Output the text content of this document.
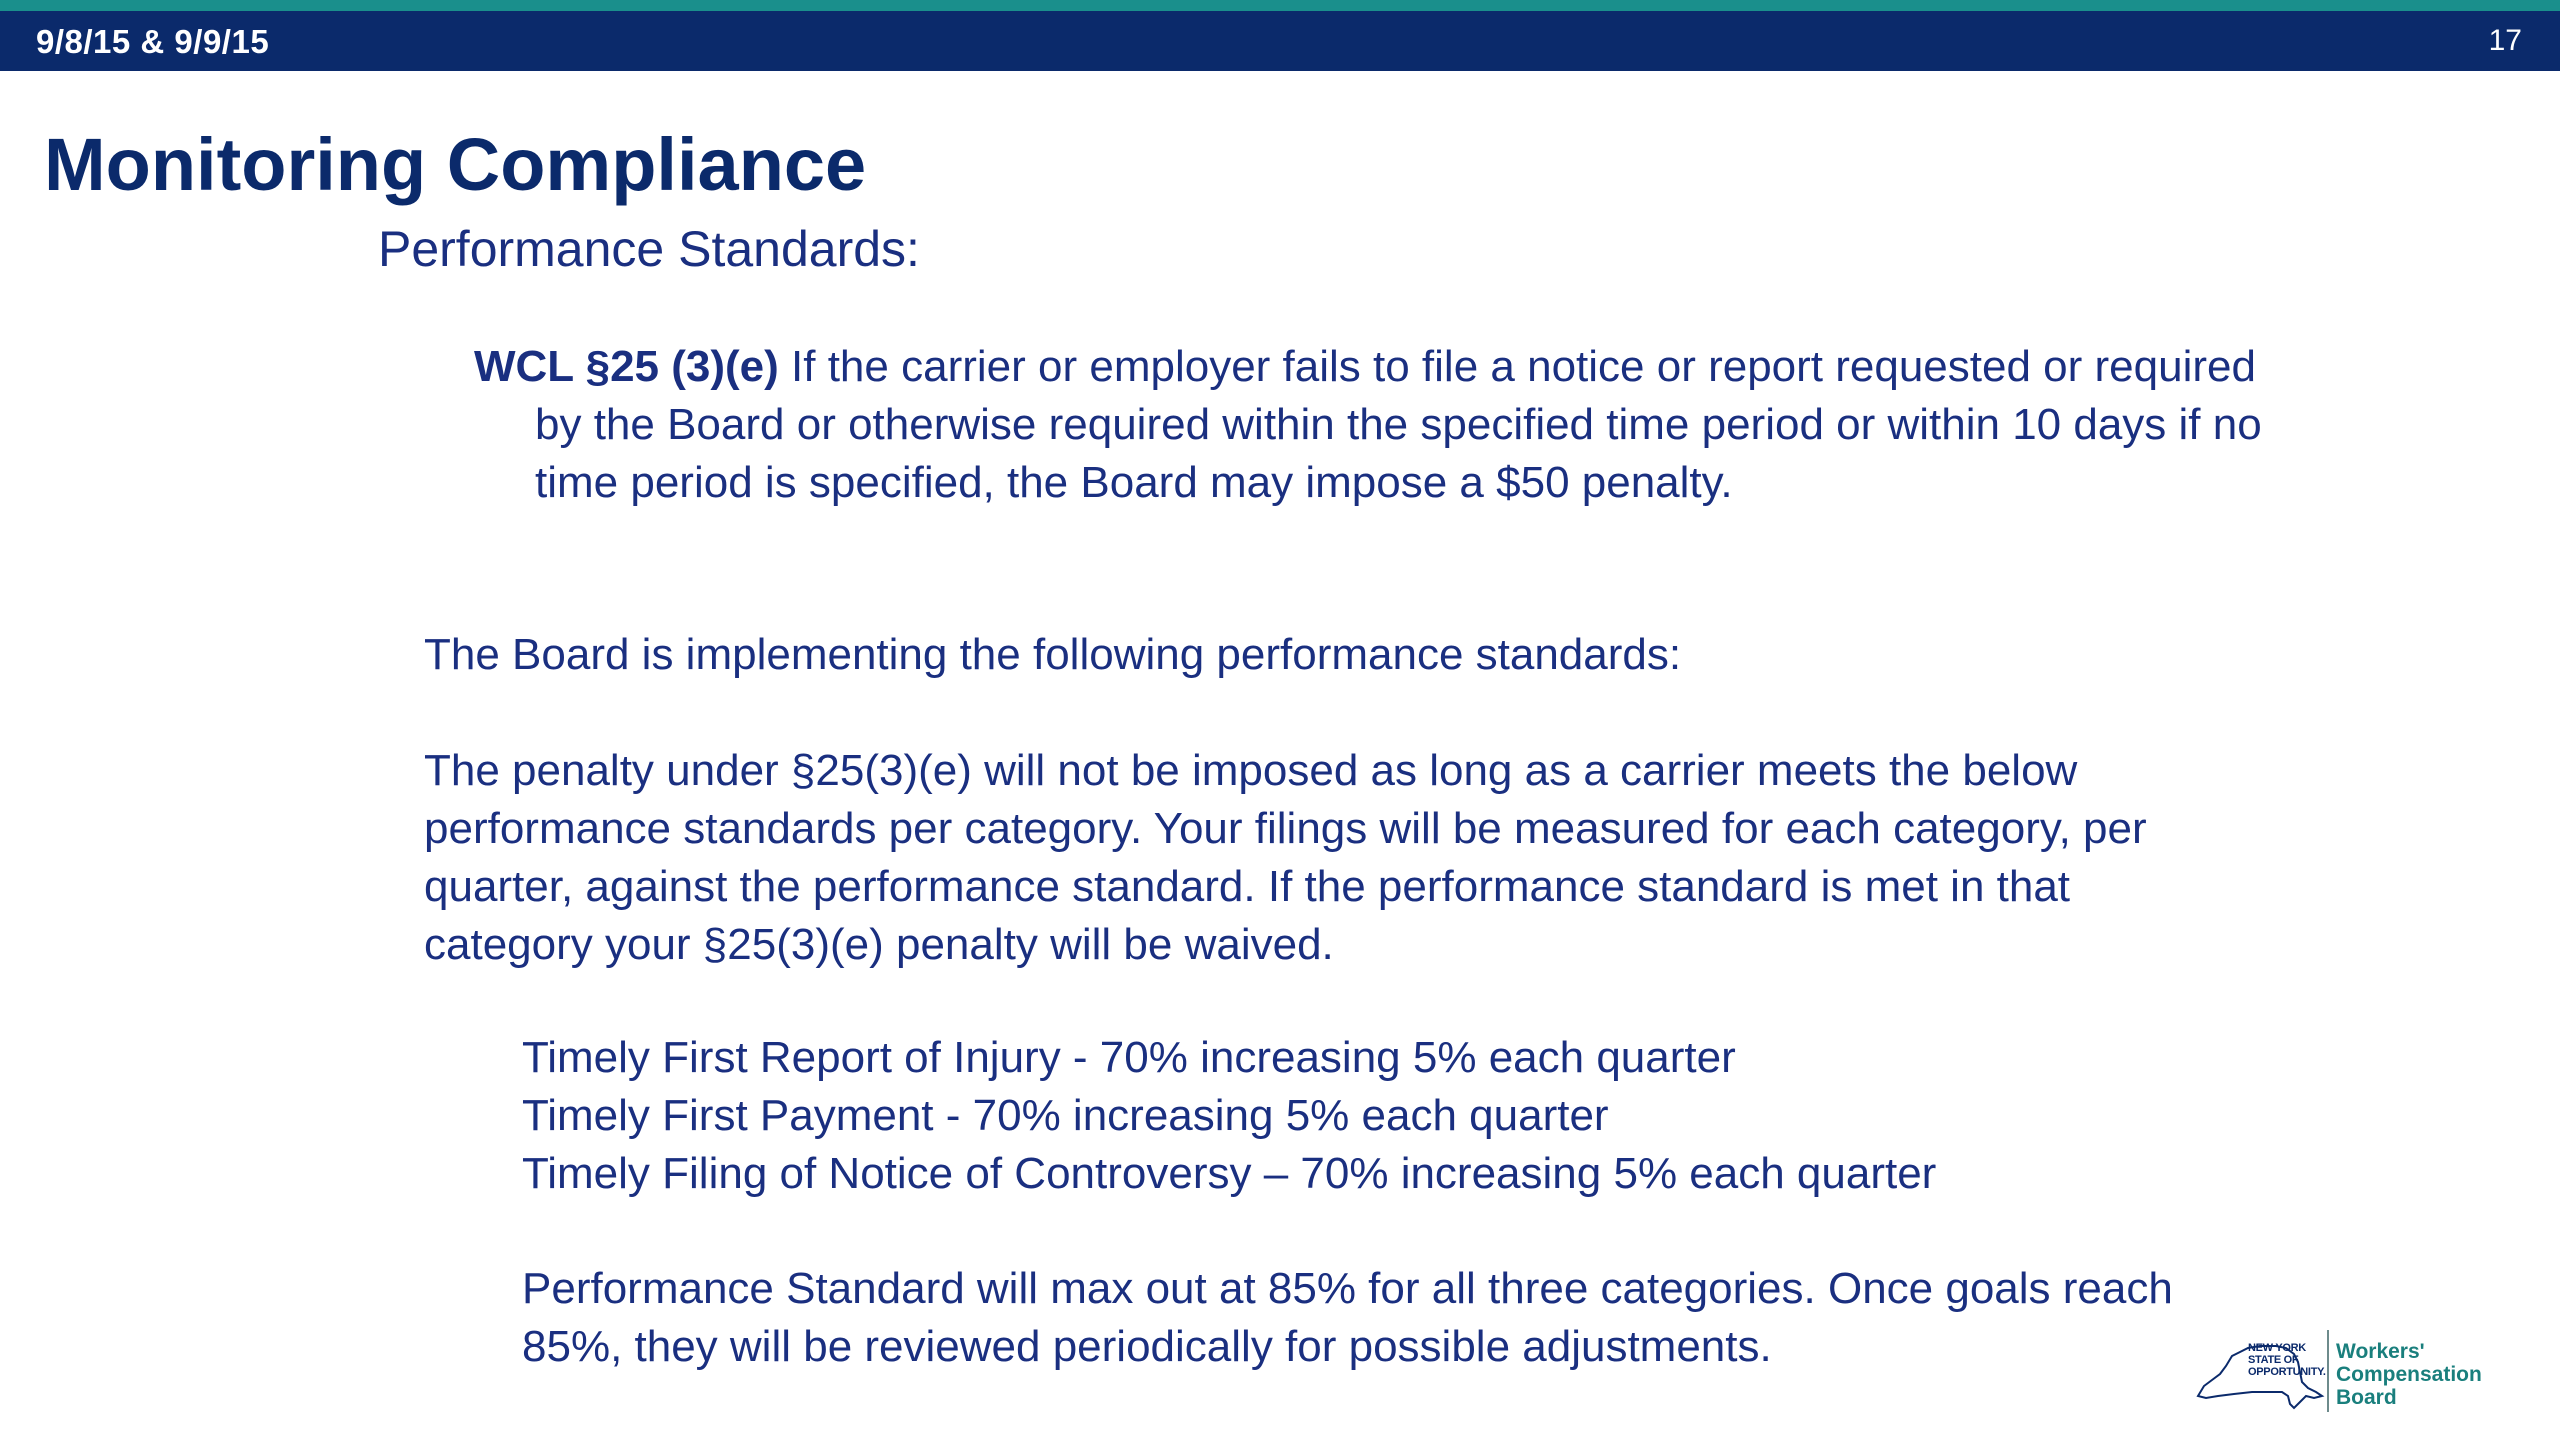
9/8/15 & 9/9/15	17
Monitoring Compliance
Performance Standards:
WCL §25 (3)(e) If the carrier or employer fails to file a notice or report requested or required by the Board or otherwise required within the specified time period or within 10 days if no time period is specified, the Board may impose a $50 penalty.
The Board is implementing the following performance standards:
The penalty under §25(3)(e) will not be imposed as long as a carrier meets the below performance standards per category. Your filings will be measured for each category, per quarter, against the performance standard. If the performance standard is met in that category your §25(3)(e) penalty will be waived.
Timely First Report of Injury - 70% increasing 5% each quarter
Timely First Payment - 70% increasing 5% each quarter
Timely Filing of Notice of Controversy – 70% increasing 5% each quarter
Performance Standard will max out at 85% for all three categories. Once goals reach 85%, they will be reviewed periodically for possible adjustments.	NEW YORK
STATE OF
OPPORTUNITY.
Workers'
Compensation
Board
